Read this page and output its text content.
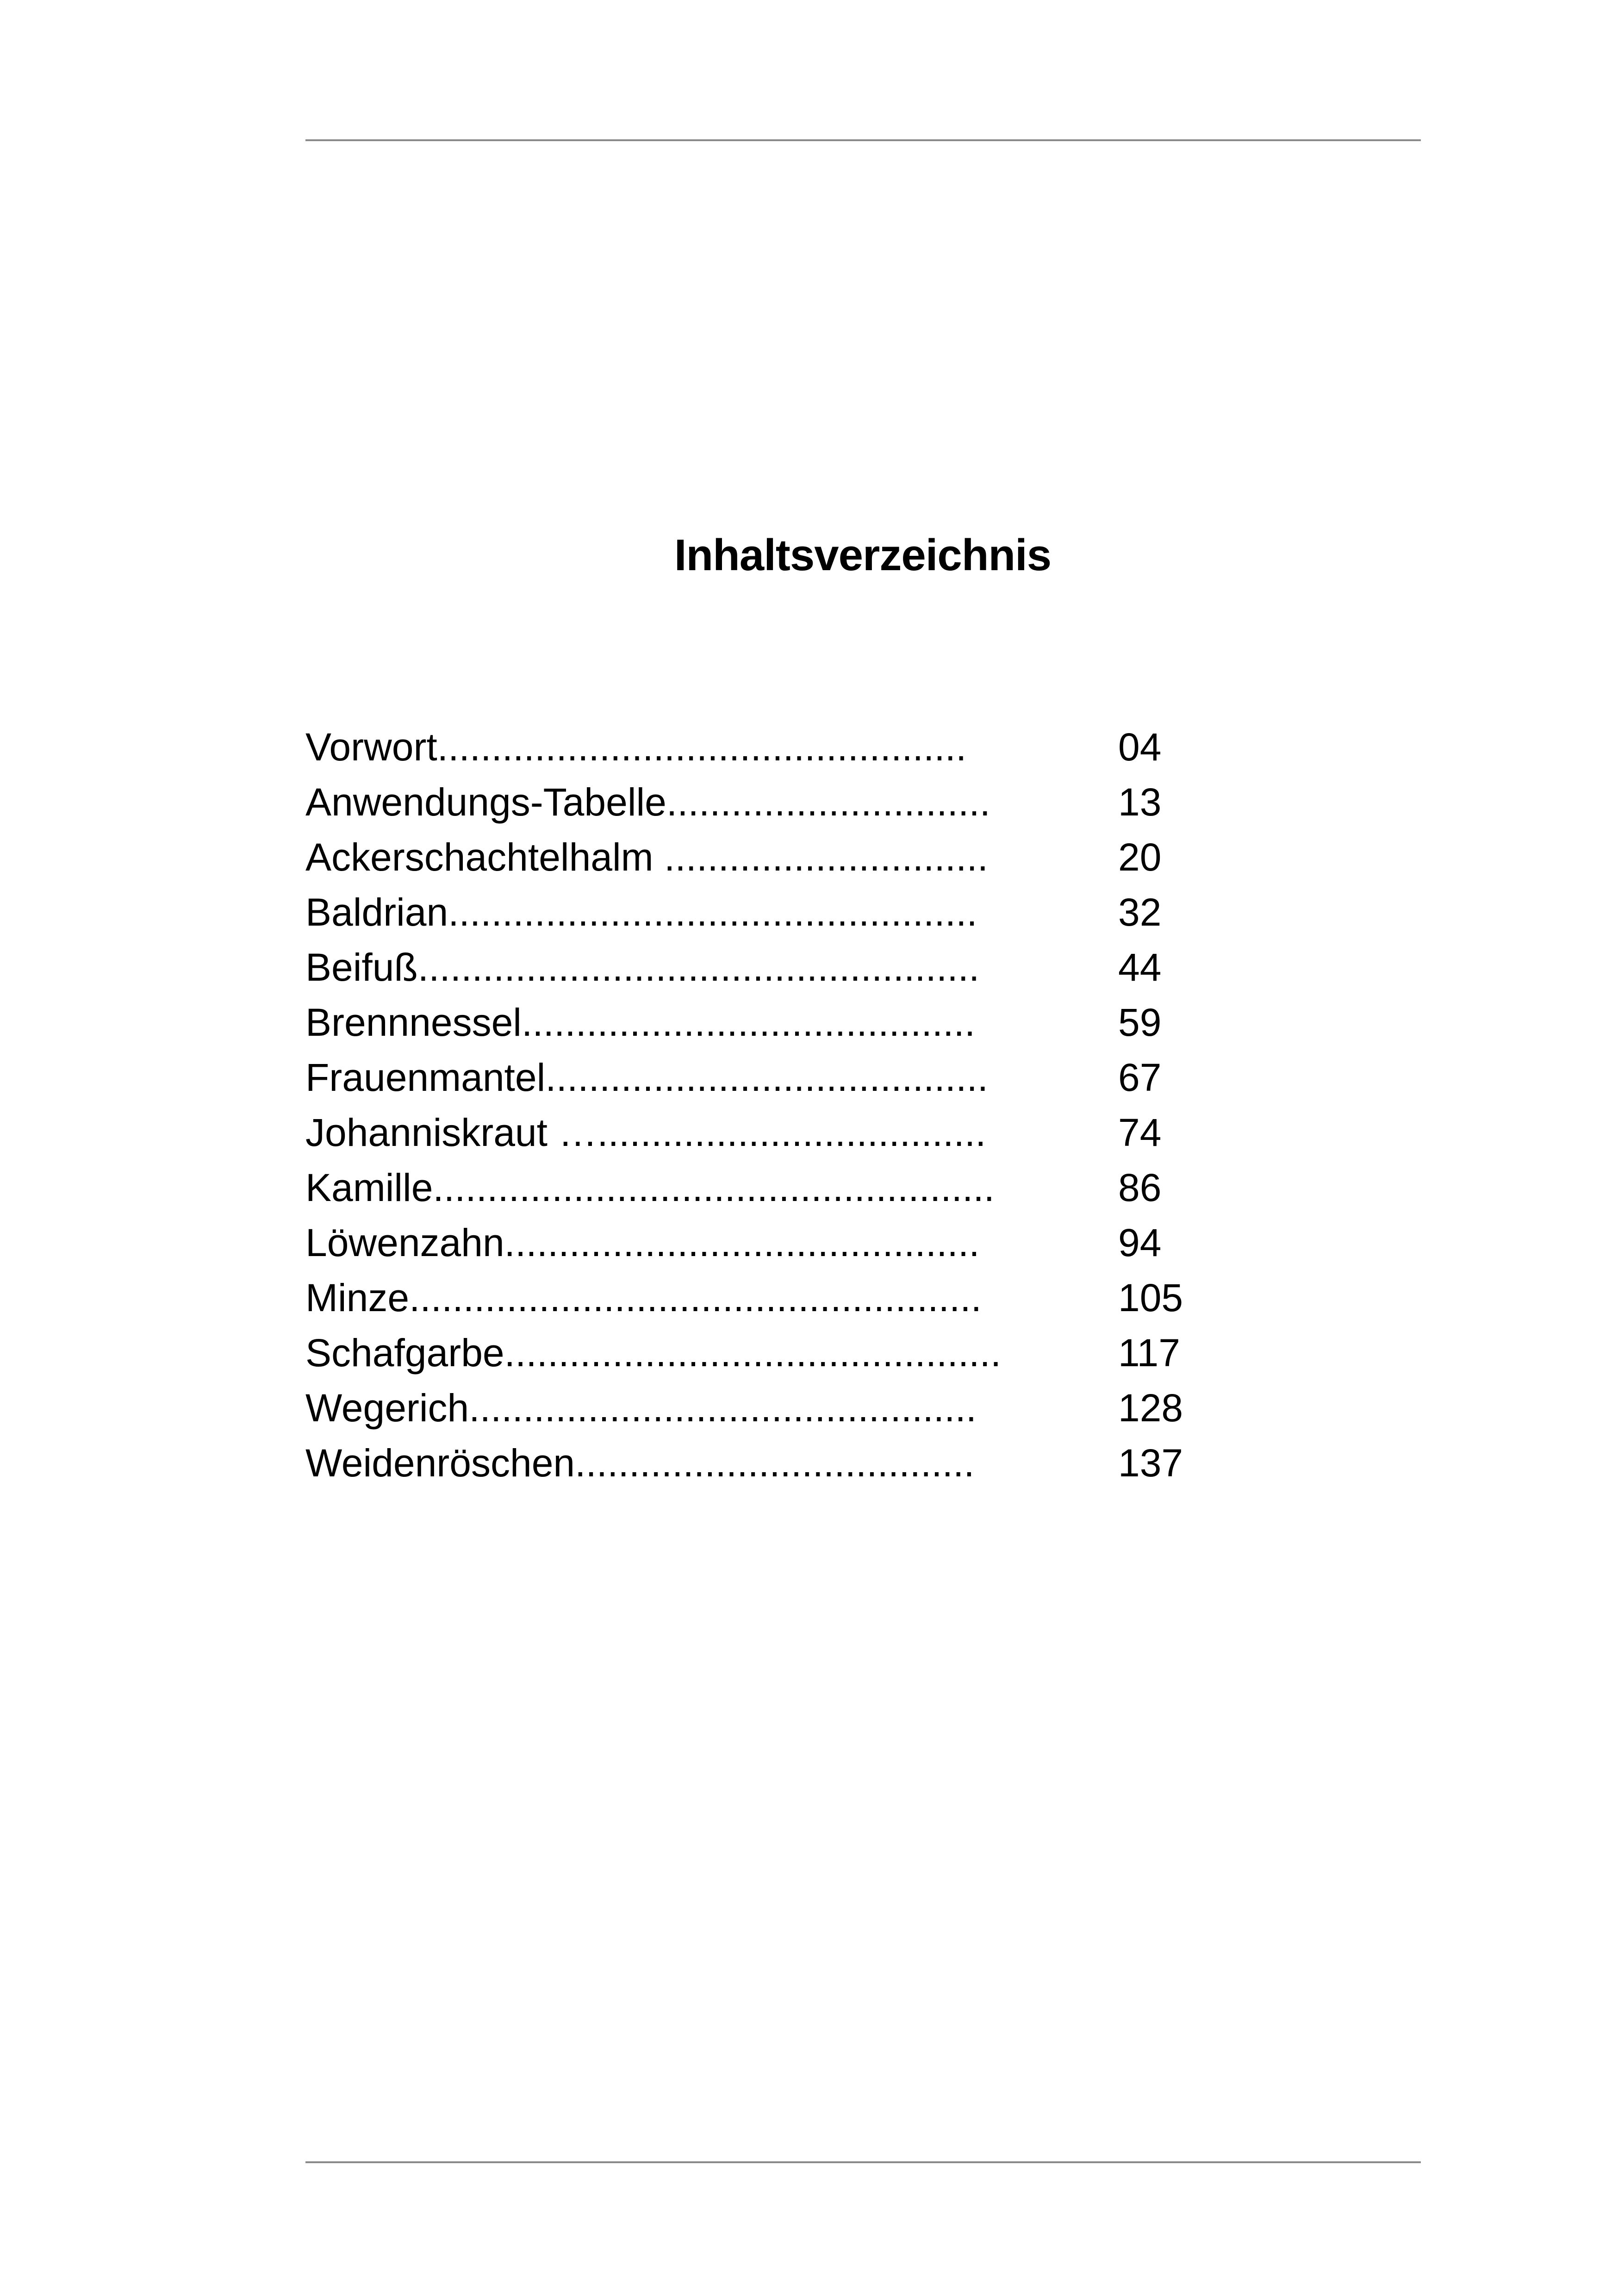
Inhaltsverzeichnis
Vorwort.................................................	04
Anwendungs-Tabelle..............................	13
Ackerschachtelhalm ..............................	20
Baldrian.................................................	32
Beifuß....................................................	44
Brennnessel..........................................	59
Frauenmantel.........................................	67
Johanniskraut …....................................	74
Kamille....................................................	86
Löwenzahn............................................	94
Minze.....................................................	105
Schafgarbe..............................................	117
Wegerich...............................................	128
Weidenröschen.....................................	137
